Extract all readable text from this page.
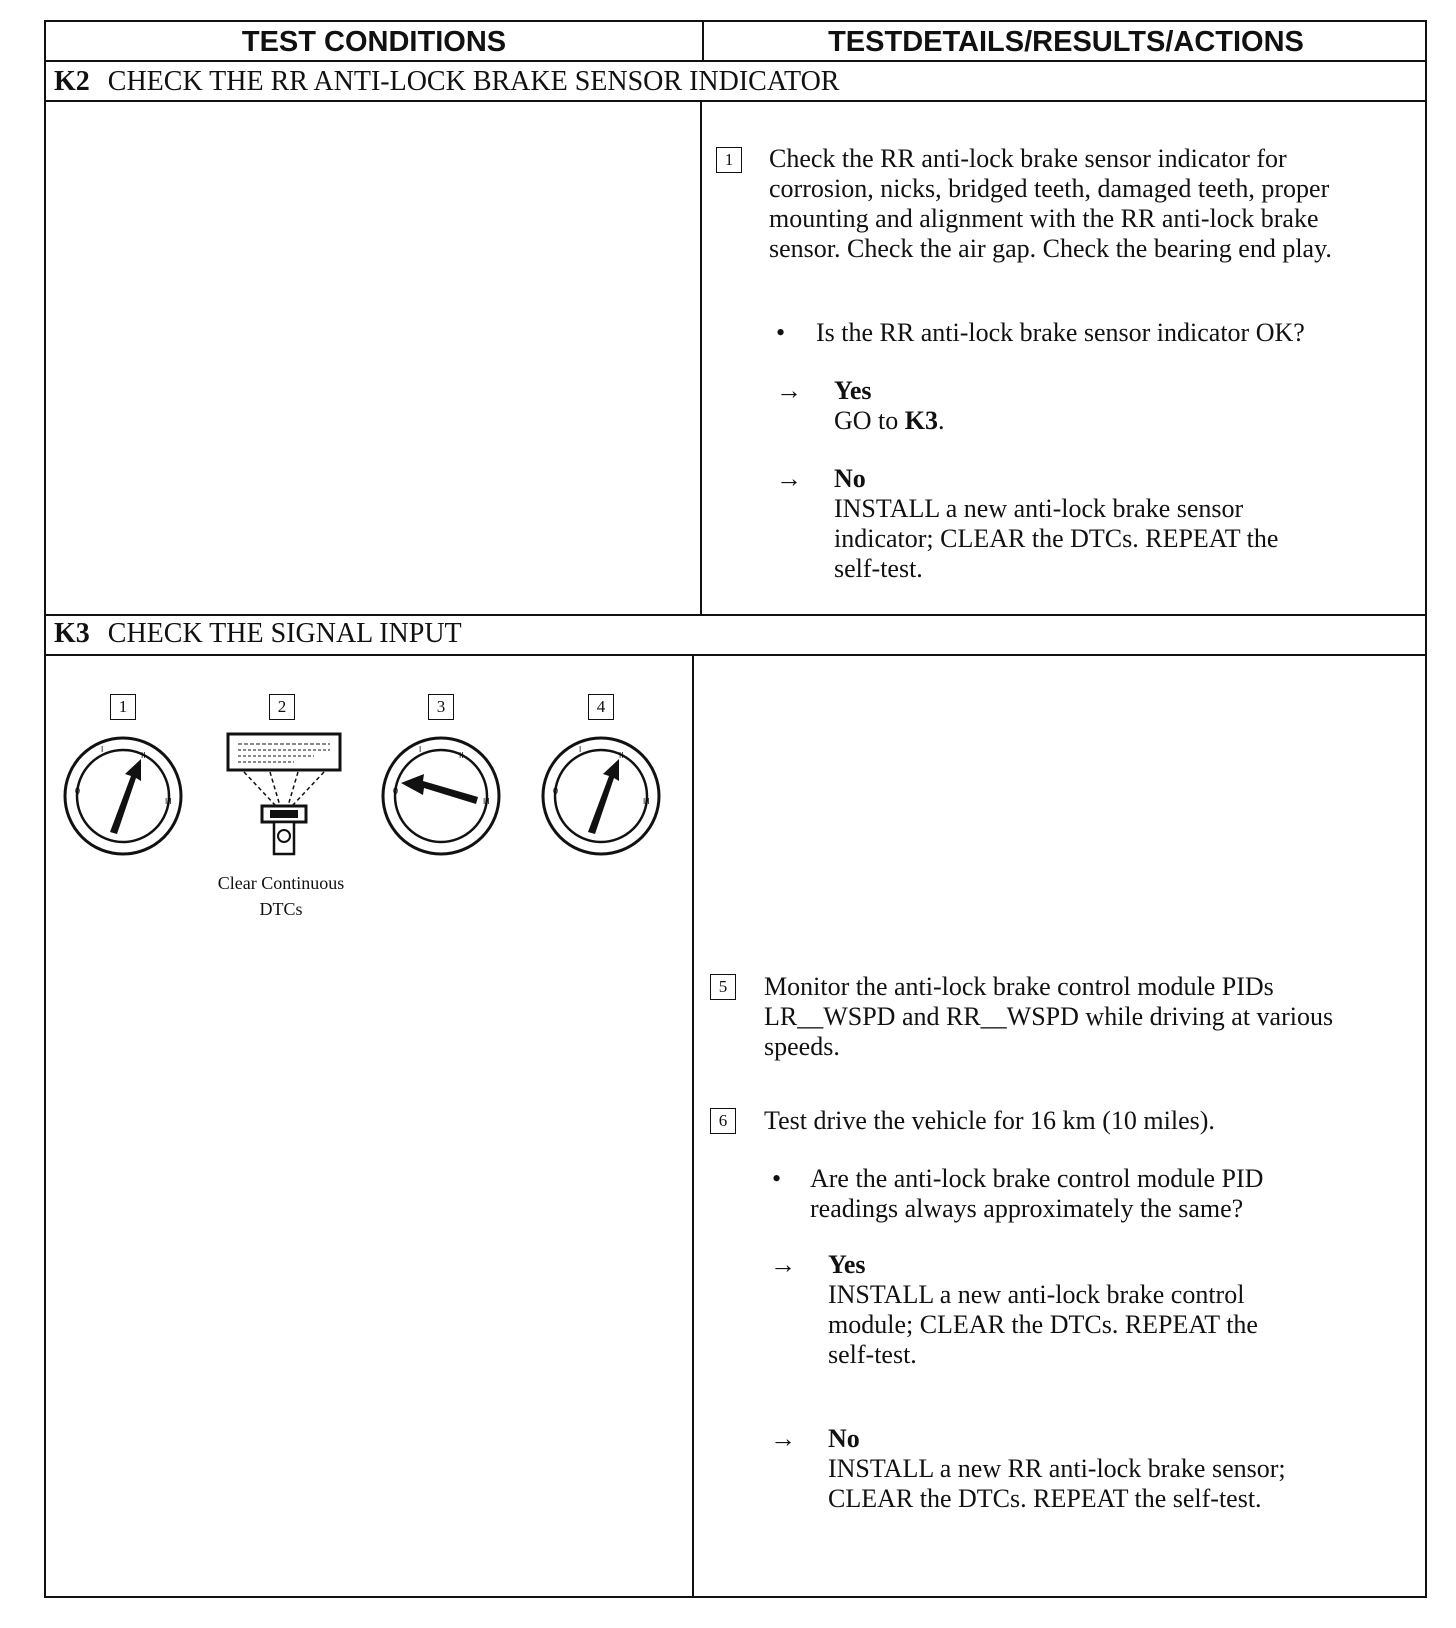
TEST CONDITIONS	TESTDETAILS/RESULTS/ACTIONS
K2 CHECK THE RR ANTI-LOCK BRAKE SENSOR INDICATOR
1	Check the RR anti-lock brake sensor indicator for corrosion, nicks, bridged teeth, damaged teeth, proper mounting and alignment with the RR anti-lock brake sensor. Check the air gap. Check the bearing end play.
• Is the RR anti-lock brake sensor indicator OK?
→ Yes
GO to K3.
→ No
INSTALL a new anti-lock brake sensor indicator; CLEAR the DTCs. REPEAT the self-test.
K3 CHECK THE SIGNAL INPUT
1
0
I
II
III
2
Clear Continuous DTCs
3
0
I
II
III
4
0
I
II
III
5	Monitor the anti-lock brake control module PIDs LR__WSPD and RR__WSPD while driving at various speeds.
6	Test drive the vehicle for 16 km (10 miles).
• Are the anti-lock brake control module PID readings always approximately the same?
→ Yes
INSTALL a new anti-lock brake control module; CLEAR the DTCs. REPEAT the self-test.
→ No
INSTALL a new RR anti-lock brake sensor; CLEAR the DTCs. REPEAT the self-test.
